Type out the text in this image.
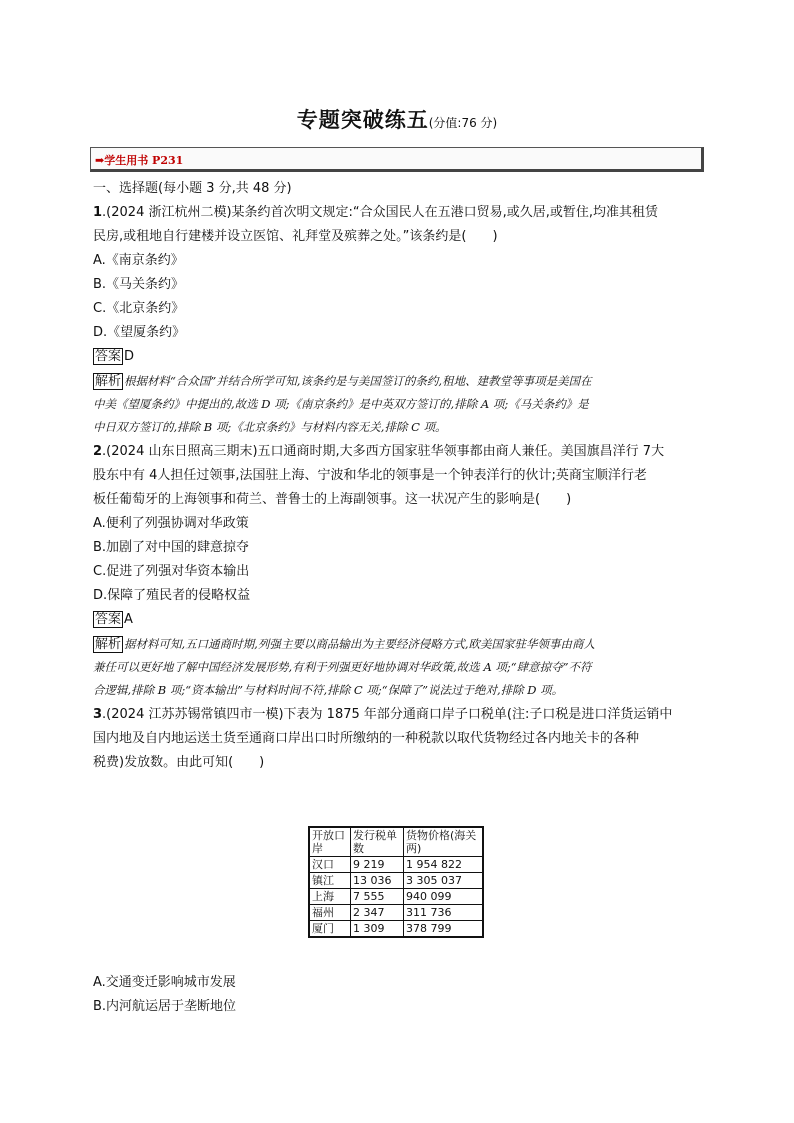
专题突破练五(分值:76 分)
➡学生用书 P231
一、选择题(每小题 3 分,共 48 分)
1.(2024 浙江杭州二模)某条约首次明文规定:“合众国民人在五港口贸易,或久居,或暂住,均准其租赁
民房,或租地自行建楼并设立医馆、礼拜堂及殡葬之处。”该条约是(　　)
A.《南京条约》
B.《马关条约》
C.《北京条约》
D.《望厦条约》
答案 D
解析 根据材料“合众国”并结合所学可知,该条约是与美国签订的条约,租地、建教堂等事项是美国在
中美《望厦条约》中提出的,故选 D 项;《南京条约》是中英双方签订的,排除 A 项;《马关条约》是
中日双方签订的,排除 B 项;《北京条约》与材料内容无关,排除 C 项。
2.(2024 山东日照高三期末)五口通商时期,大多西方国家驻华领事都由商人兼任。美国旗昌洋行 7大
股东中有 4人担任过领事,法国驻上海、宁波和华北的领事是一个钟表洋行的伙计;英商宝顺洋行老
板任葡萄牙的上海领事和荷兰、普鲁士的上海副领事。这一状况产生的影响是(　　)
A.便利了列强协调对华政策
B.加剧了对中国的肆意掠夺
C.促进了列强对华资本输出
D.保障了殖民者的侵略权益
答案 A
解析 据材料可知,五口通商时期,列强主要以商品输出为主要经济侵略方式,欧美国家驻华领事由商人
兼任可以更好地了解中国经济发展形势,有利于列强更好地协调对华政策,故选 A 项;“肆意掠夺”不符
合逻辑,排除 B 项;“资本输出”与材料时间不符,排除 C 项;“保障了”说法过于绝对,排除 D 项。
3.(2024 江苏苏锡常镇四市一模)下表为 1875 年部分通商口岸子口税单(注:子口税是进口洋货运销中
国内地及自内地运送土货至通商口岸出口时所缴纳的一种税款以取代货物经过各内地关卡的各种
税费)发放数。由此可知(　　)
开放口岸	发行税单数	货物价格(海关两)
汉口	9 219	1 954 822
镇江	13 036	3 305 037
上海	7 555	940 099
福州	2 347	311 736
厦门	1 309	378 799
A.交通变迁影响城市发展
B.内河航运居于垄断地位
